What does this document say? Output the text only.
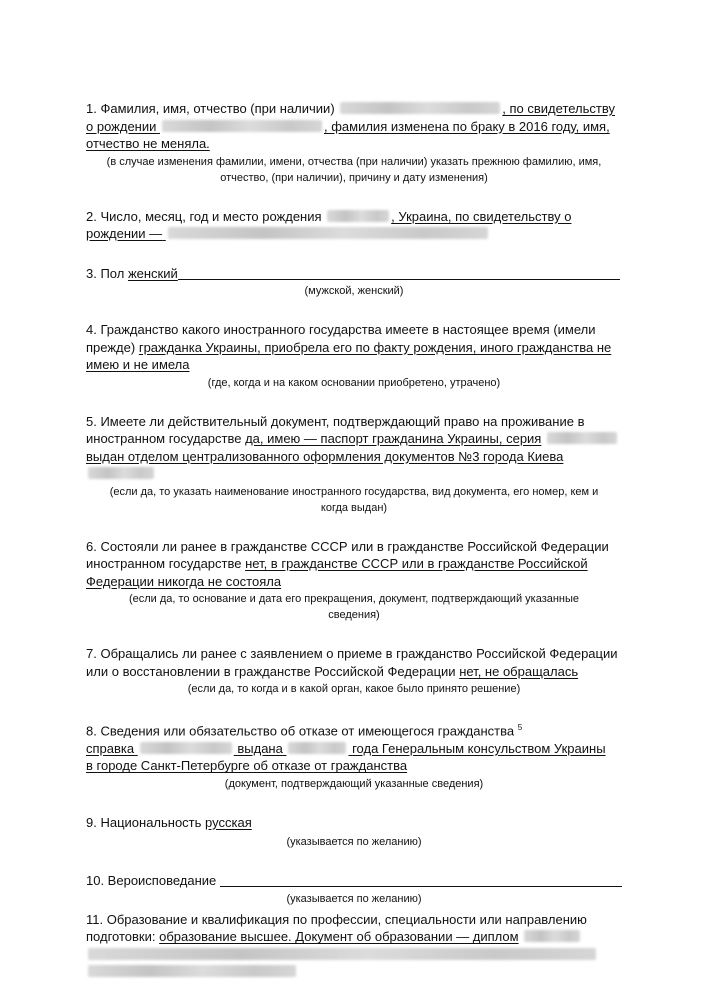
1. Фамилия, имя, отчество (при наличии)	, по свидетельству

о рождении	, фамилия изменена по браку в 2016 году, имя,

отчество не меняла.

(в случае изменения фамилии, имени, отчества (при наличии) указать прежнюю фамилию, имя,
отчество, (при наличии), причину и дату изменения)

2. Число, месяц, год и место рождения	, Украина, по свидетельству о

рождении —

3. Пол женский

(мужской, женский)

4. Гражданство какого иностранного государства имеете в настоящее время (имели

прежде) гражданка Украины, приобрела его по факту рождения, иного гражданства не

имею и не имела

(где, когда и на каком основании приобретено, утрачено)

5. Имеете ли действительный документ, подтверждающий право на проживание в

иностранном государстве да, имею — паспорт гражданина Украины, серия

выдан отделом централизованного оформления документов №3 города Киева

(если да, то указать наименование иностранного государства, вид документа, его номер, кем и
когда выдан)

6. Состояли ли ранее в гражданстве СССР или в гражданстве Российской Федерации

иностранном государстве нет, в гражданстве СССР или в гражданстве Российской

Федерации никогда не состояла

(если да, то основание и дата его прекращения, документ, подтверждающий указанные
сведения)

7. Обращались ли ранее с заявлением о приеме в гражданство Российской Федерации

или о восстановлении в гражданстве Российской Федерации нет, не обращалась

(если да, то когда и в какой орган, какое было принято решение)

8. Сведения или обязательство об отказе от имеющегося гражданства $^5$

справка	выдана	года Генеральным консульством Украины

в городе Санкт-Петербурге об отказе от гражданства

(документ, подтверждающий указанные сведения)

9. Национальность русская

(указывается по желанию)

10. Вероисповедание

(указывается по желанию)

11. Образование и квалификация по профессии, специальности или направлению

подготовки: образование высшее. Документ об образовании — диплом
